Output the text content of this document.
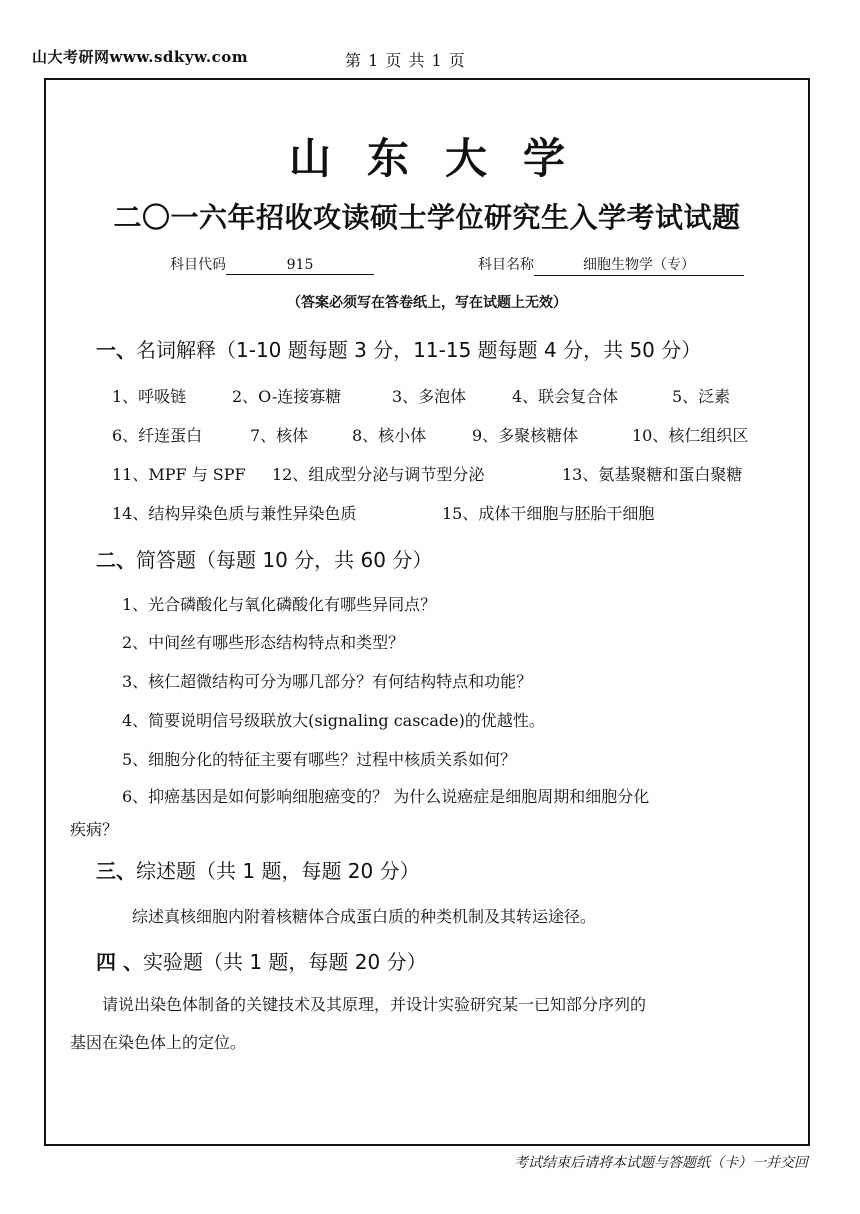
山大考研网www.sdkyw.com	第 1 页 共 1 页
山东大学
二〇一六年招收攻读硕士学位研究生入学考试试题
科目代码	915	科目名称	细胞生物学（专）
（答案必须写在答卷纸上，写在试题上无效）
一、名词解释（1-10 题每题 3 分，11-15 题每题 4 分，共 50 分）
1、呼吸链	2、O-连接寡糖	3、多泡体	4、联会复合体	5、泛素
6、纤连蛋白	7、核体	8、核小体	9、多聚核糖体	10、核仁组织区
11、MPF 与 SPF 12、组成型分泌与调节型分泌	13、氨基聚糖和蛋白聚糖
14、结构异染色质与兼性异染色质	15、成体干细胞与胚胎干细胞
二、简答题（每题 10 分，共 60 分）
1、光合磷酸化与氧化磷酸化有哪些异同点？
2、中间丝有哪些形态结构特点和类型？
3、核仁超微结构可分为哪几部分？有何结构特点和功能？
4、简要说明信号级联放大(signaling cascade)的优越性。
5、细胞分化的特征主要有哪些？过程中核质关系如何？
6、抑癌基因是如何影响细胞癌变的？ 为什么说癌症是细胞周期和细胞分化
疾病？
三、综述题（共 1 题，每题 20 分）
综述真核细胞内附着核糖体合成蛋白质的种类机制及其转运途径。
四 、实验题（共 1 题，每题 20 分）
请说出染色体制备的关键技术及其原理，并设计实验研究某一已知部分序列的
基因在染色体上的定位。
考试结束后请将本试题与答题纸（卡）一并交回
